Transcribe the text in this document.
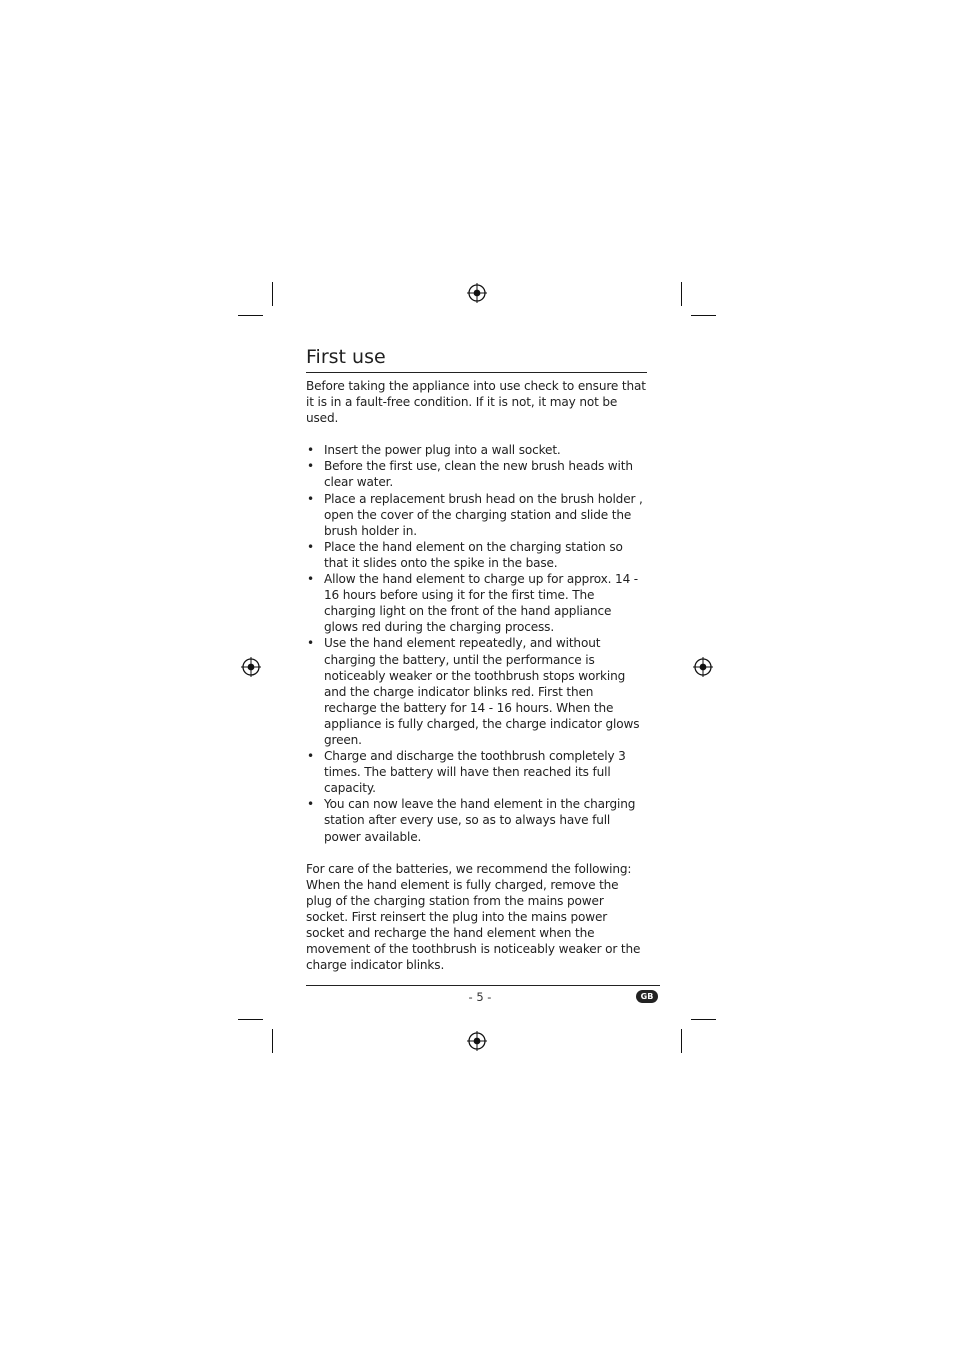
First use

Before taking the appliance into use check to ensure that it is in a fault-free condition. If it is not, it may not be used.

• Insert the power plug into a wall socket.
• Before the first use, clean the new brush heads with clear water.
• Place a replacement brush head on the brush holder , open the cover of the charging station and slide the brush holder in.
• Place the hand element on the charging station so that it slides onto the spike in the base.
• Allow the hand element to charge up for approx. 14 - 16 hours before using it for the first time. The charging light on the front of the hand appliance glows red during the charging process.
• Use the hand element repeatedly, and without charging the battery, until the performance is noticeably weaker or the toothbrush stops working and the charge indicator blinks red. First then recharge the battery for 14 - 16 hours. When the appliance is fully charged, the charge indicator glows green.
• Charge and discharge the toothbrush completely 3 times. The battery will have then reached its full capacity.
• You can now leave the hand element in the charging station after every use, so as to always have full power available.

For care of the batteries, we recommend the following: When the hand element is fully charged, remove the plug of the charging station from the mains power socket. First reinsert the plug into the mains power socket and recharge the hand element when the movement of the toothbrush is noticeably weaker or the charge indicator blinks.

- 5 -	GB
